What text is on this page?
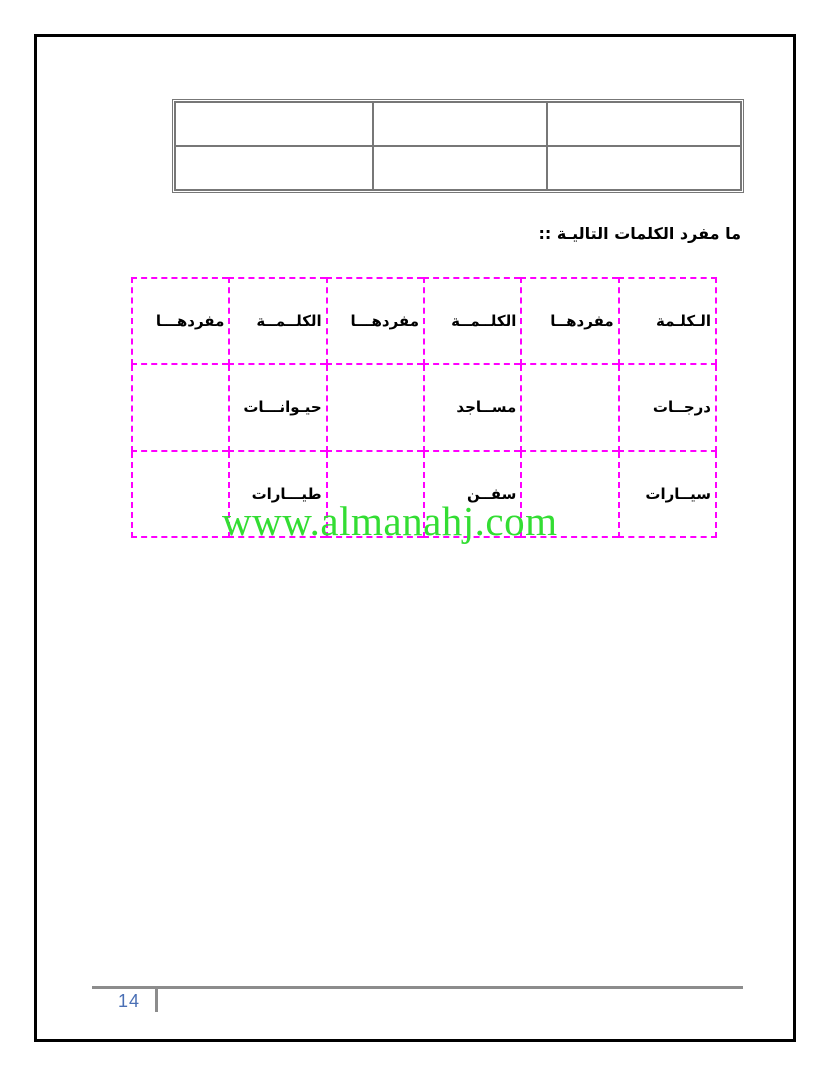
ما مفرد الكلمات التاليـة ::
الـكلـمة	مفردهــا	الكلــمــة	مفردهـــا	الكلــمــة	مفردهـــا
درجــات		مســاجد		حيـوانـــات	
سيــارات		سفــن		طيـــارات	
www.almanahj.com
14
